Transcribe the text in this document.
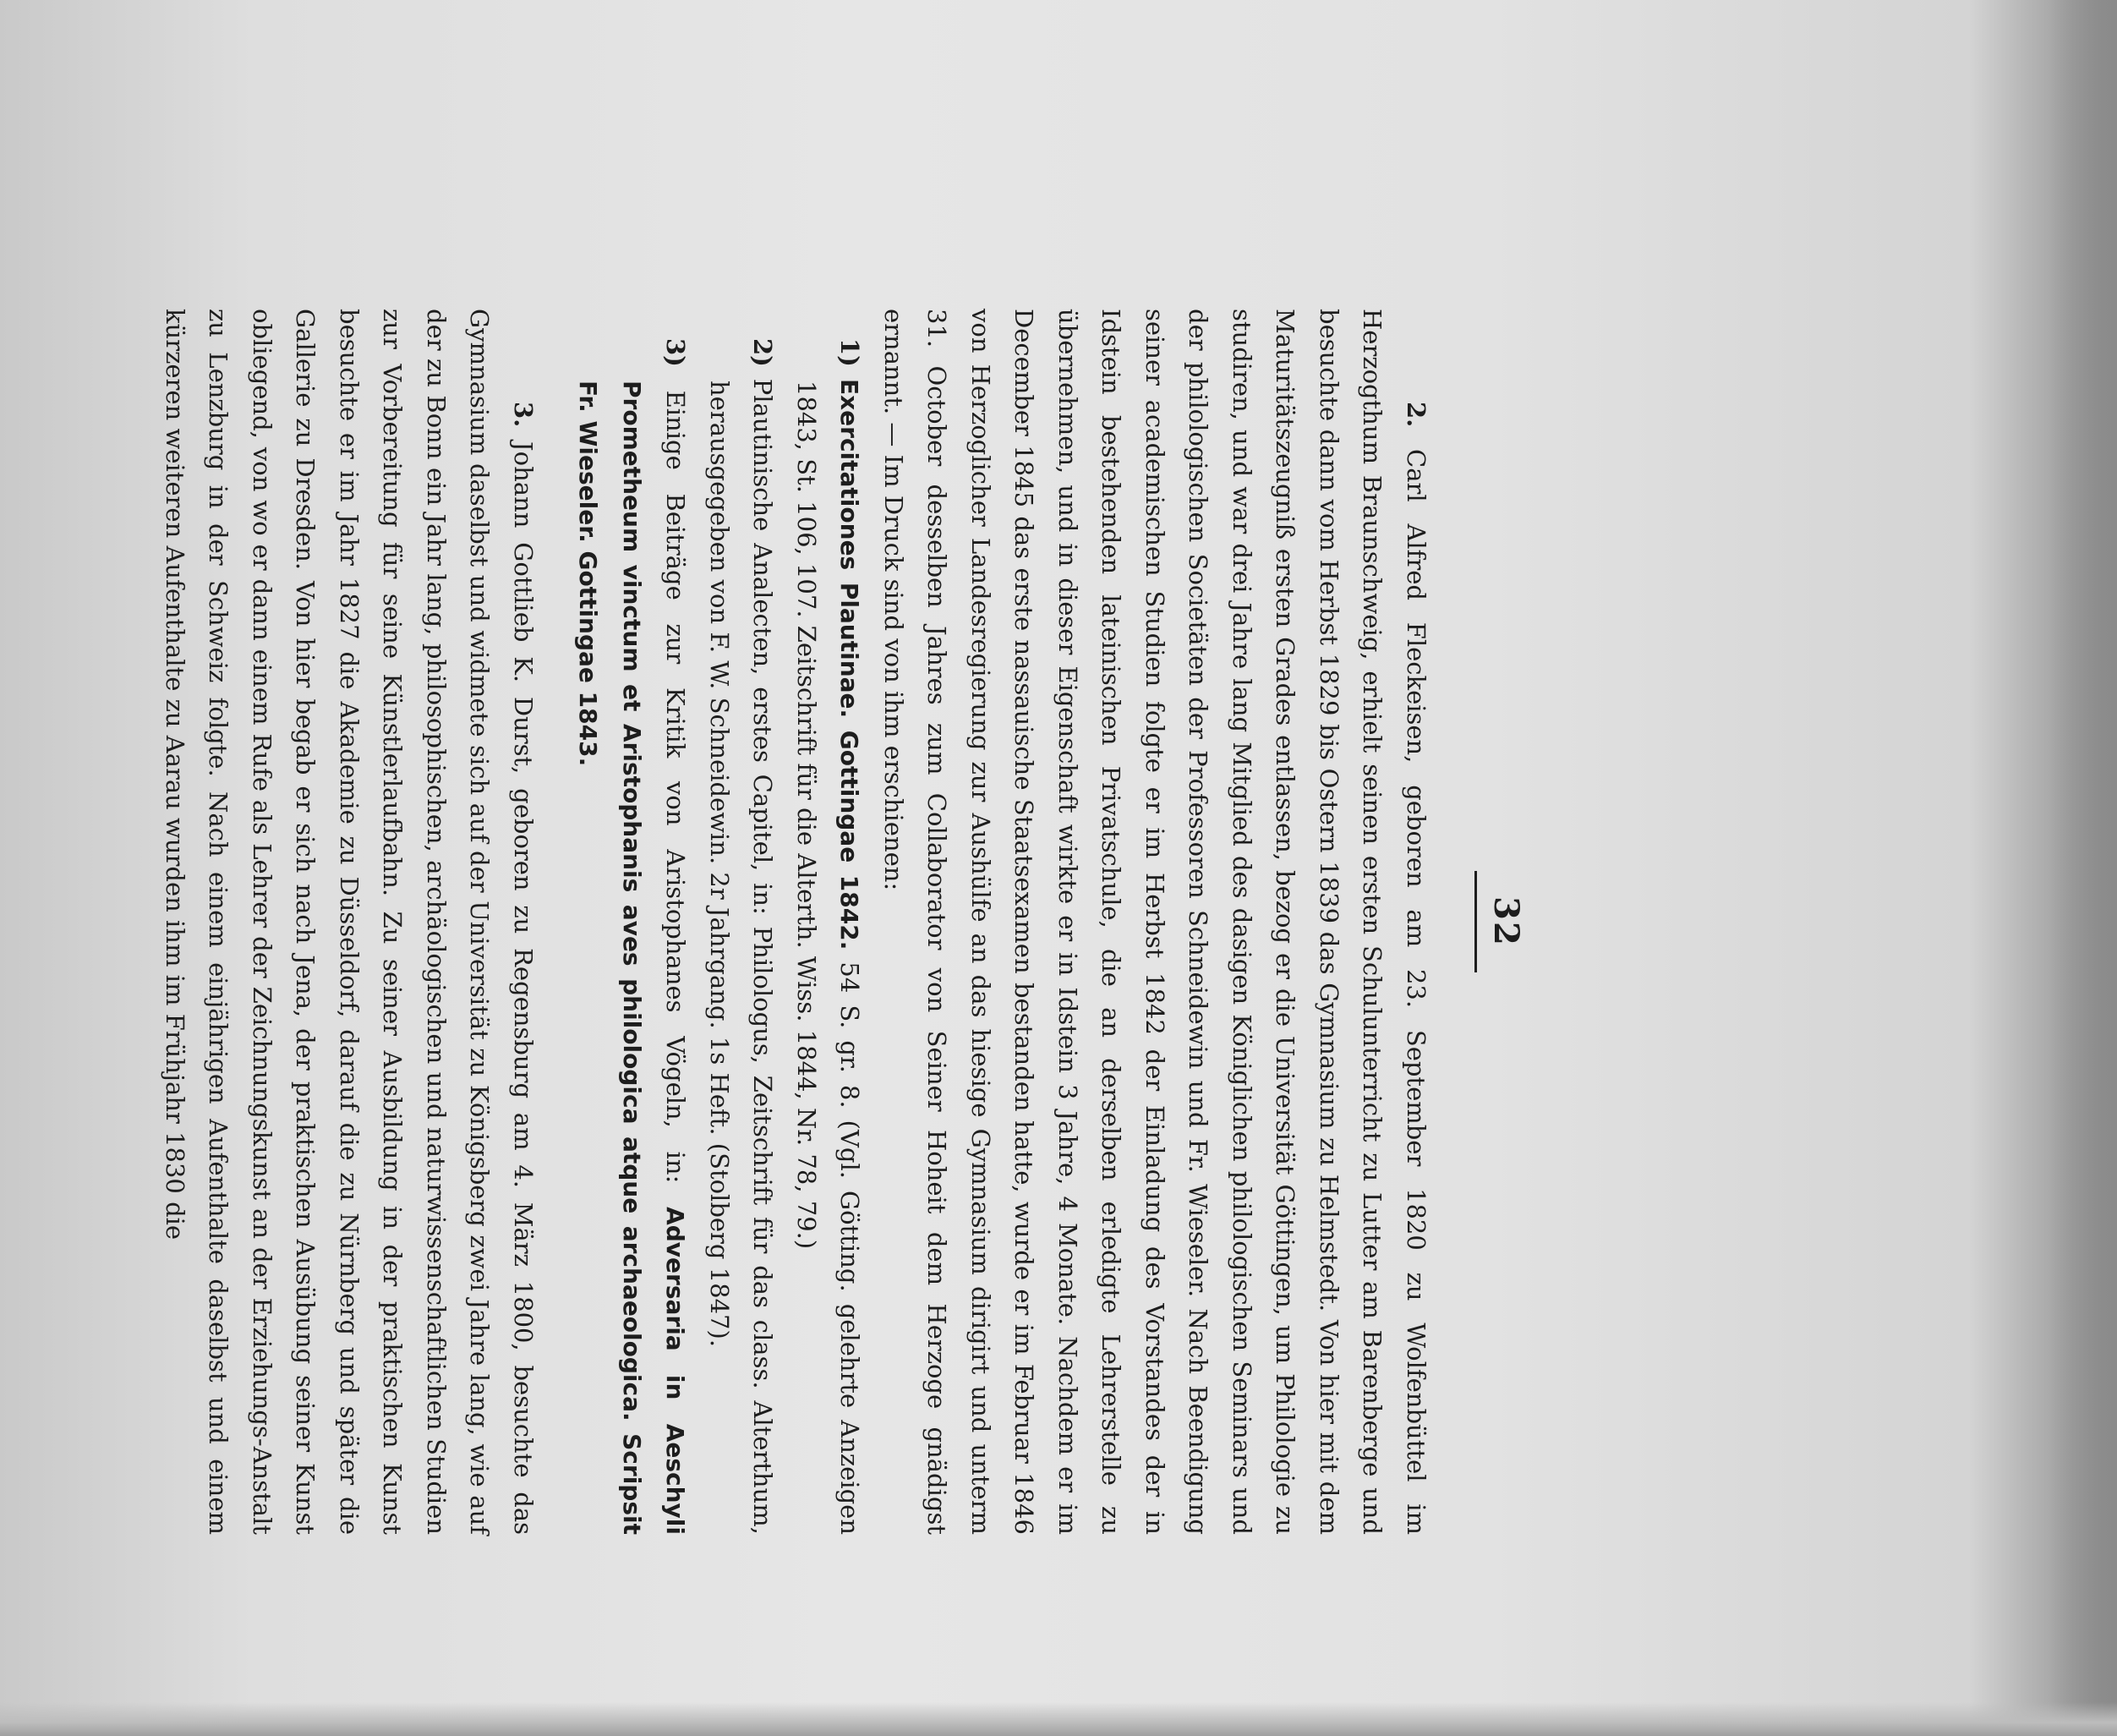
32

2. Carl Alfred Fleckeisen, geboren am 23. September 1820 zu Wolfenbüttel im Herzogthum Braunschweig, erhielt seinen ersten Schulunterricht zu Lutter am Barenberge und besuchte dann vom Herbst 1829 bis Ostern 1839 das Gymnasium zu Helmstedt. Von hier mit dem Maturitätszeugniß ersten Grades entlassen, bezog er die Universität Göttingen, um Philologie zu studiren, und war drei Jahre lang Mitglied des dasigen Königlichen philologischen Seminars und der philologischen Societäten der Professoren Schneidewin und Fr. Wieseler. Nach Beendigung seiner academischen Studien folgte er im Herbst 1842 der Einladung des Vorstandes der in Idstein bestehenden lateinischen Privatschule, die an derselben erledigte Lehrerstelle zu übernehmen, und in dieser Eigenschaft wirkte er in Idstein 3 Jahre, 4 Monate. Nachdem er im December 1845 das erste nassauische Staatsexamen bestanden hatte, wurde er im Februar 1846 von Herzoglicher Landesregierung zur Aushülfe an das hiesige Gymnasium dirigirt und unterm 31. October desselben Jahres zum Collaborator von Seiner Hoheit dem Herzoge gnädigst ernannt. — Im Druck sind von ihm erschienen:

1) Exercitationes Plautinae. Gottingae 1842. 54 S. gr. 8. (Vgl. Götting. gelehrte Anzeigen 1843, St. 106, 107. Zeitschrift für die Alterth. Wiss. 1844, Nr. 78, 79.)

2) Plautinische Analecten, erstes Capitel, in: Philologus, Zeitschrift für das class. Alterthum, herausgegeben von F. W. Schneidewin. 2r Jahrgang. 1s Heft. (Stolberg 1847).

3) Einige Beiträge zur Kritik von Aristophanes Vögeln, in: Adversaria in Aeschyli Prometheum vinctum et Aristophanis aves philologica atque archaeologica. Scripsit Fr. Wieseler. Gottingae 1843.

3. Johann Gottlieb K. Durst, geboren zu Regensburg am 4. März 1800, besuchte das Gymnasium daselbst und widmete sich auf der Universität zu Königsberg zwei Jahre lang, wie auf der zu Bonn ein Jahr lang, philosophischen, archäologischen und naturwissenschaftlichen Studien zur Vorbereitung für seine Künstlerlaufbahn. Zu seiner Ausbildung in der praktischen Kunst besuchte er im Jahr 1827 die Akademie zu Düsseldorf, darauf die zu Nürnberg und später die Gallerie zu Dresden. Von hier begab er sich nach Jena, der praktischen Ausübung seiner Kunst obliegend, von wo er dann einem Rufe als Lehrer der Zeichnungskunst an der Erziehungs-Anstalt zu Lenzburg in der Schweiz folgte. Nach einem einjährigen Aufenthalte daselbst und einem kürzeren weiteren Aufenthalte zu Aarau wurden ihm im Frühjahr 1830 die
